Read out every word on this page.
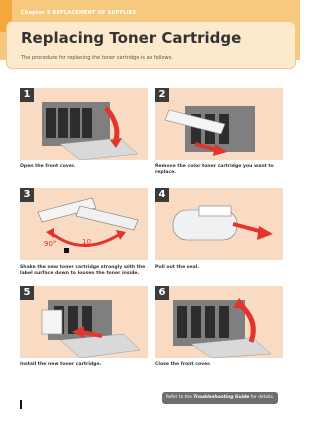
Chapter 3 REPLACEMENT OF SUPPLIES
Replacing Toner Cartridge
The procedure for replacing the toner cartridge is as follows.
1
Open the front cover.
2
Remove the color toner cartridge you want to replace.
10
90°
3
Shake the new toner cartridge strongly with the label surface down to loosen the toner inside.
4
Pull out the seal.
5
Install the new toner cartridge.
6
Close the front cover.
Refer to the Troubleshooting Guide for details.
